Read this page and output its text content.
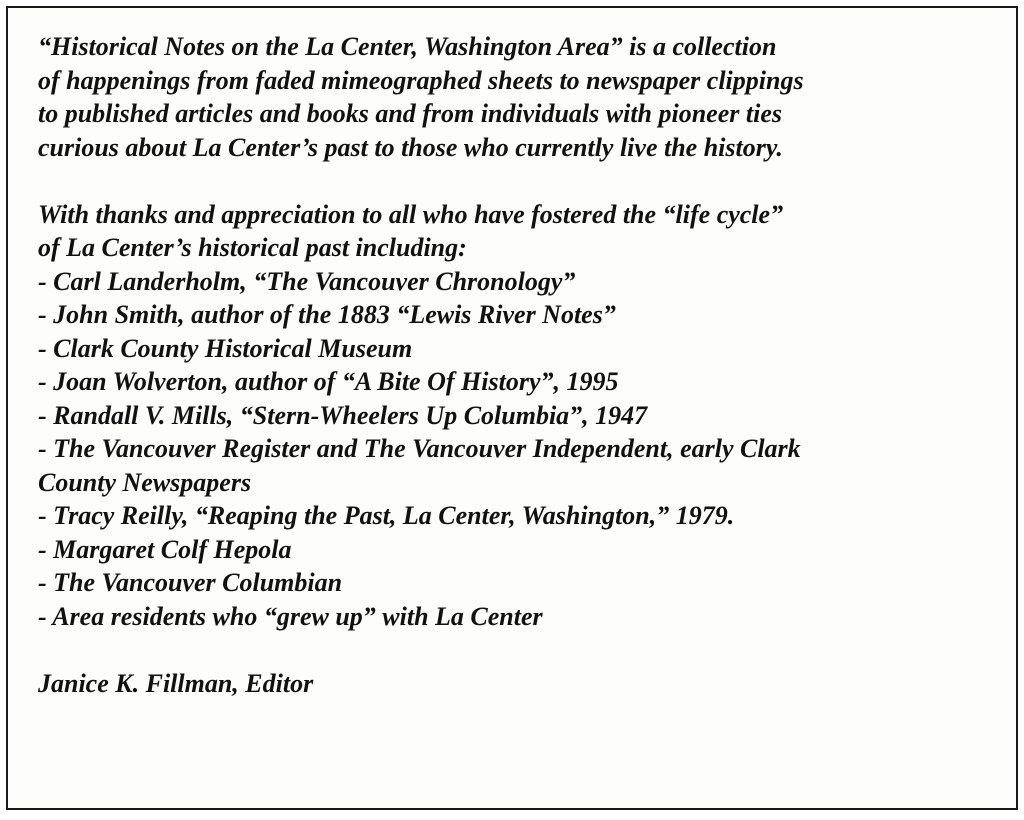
“Historical Notes on the La Center, Washington Area” is a collection
of happenings from faded mimeographed sheets to newspaper clippings
to published articles and books and from individuals with pioneer ties
curious about La Center’s past to those who currently live the history.
With thanks and appreciation to all who have fostered the “life cycle”
of La Center’s historical past including:
- Carl Landerholm, “The Vancouver Chronology”
- John Smith, author of the 1883 “Lewis River Notes”
- Clark County Historical Museum
- Joan Wolverton, author of “A Bite Of History”, 1995
- Randall V. Mills, “Stern-Wheelers Up Columbia”, 1947
- The Vancouver Register and The Vancouver Independent, early Clark
County Newspapers
- Tracy Reilly, “Reaping the Past, La Center, Washington,” 1979.
- Margaret Colf Hepola
- The Vancouver Columbian
- Area residents who “grew up” with La Center
Janice K. Fillman, Editor
